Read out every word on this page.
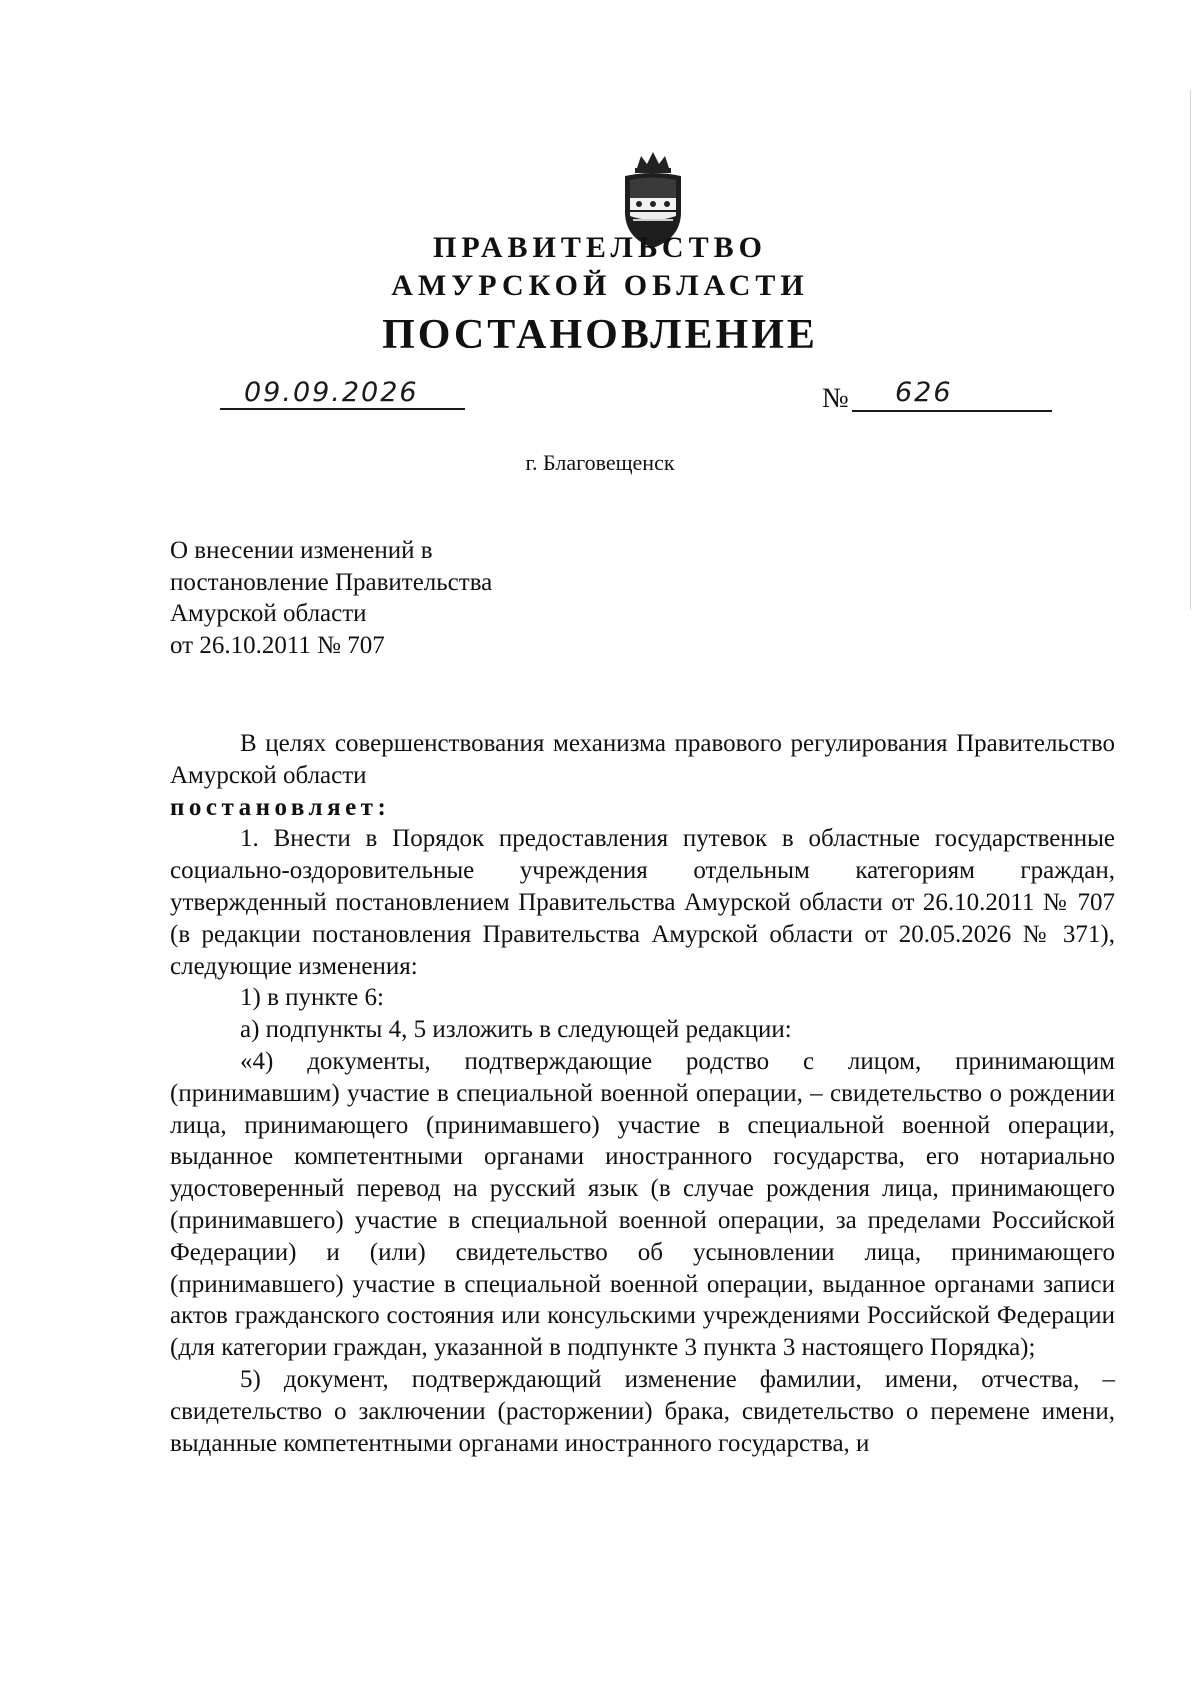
ПРАВИТЕЛЬСТВО
АМУРСКОЙ ОБЛАСТИ
ПОСТАНОВЛЕНИЕ
09.09.2026	№ 626
г. Благовещенск
О внесении изменений в
постановление Правительства
Амурской области
от 26.10.2011 № 707

В целях совершенствования механизма правового регулирования Правительство Амурской области

постановляет:

1. Внести в Порядок предоставления путевок в областные государственные социально-оздоровительные учреждения отдельным категориям граждан, утвержденный постановлением Правительства Амурской области от 26.10.2011 № 707 (в редакции постановления Правительства Амурской области от 20.05.2026 № 371), следующие изменения:

1) в пункте 6:

а) подпункты 4, 5 изложить в следующей редакции:

«4) документы, подтверждающие родство с лицом, принимающим (принимавшим) участие в специальной военной операции, – свидетельство о рождении лица, принимающего (принимавшего) участие в специальной военной операции, выданное компетентными органами иностранного государства, его нотариально удостоверенный перевод на русский язык (в случае рождения лица, принимающего (принимавшего) участие в специальной военной операции, за пределами Российской Федерации) и (или) свидетельство об усыновлении лица, принимающего (принимавшего) участие в специальной военной операции, выданное органами записи актов гражданского состояния или консульскими учреждениями Российской Федерации (для категории граждан, указанной в подпункте 3 пункта 3 настоящего Порядка);

5) документ, подтверждающий изменение фамилии, имени, отчества, – свидетельство о заключении (расторжении) брака, свидетельство о перемене имени, выданные компетентными органами иностранного государства, и
